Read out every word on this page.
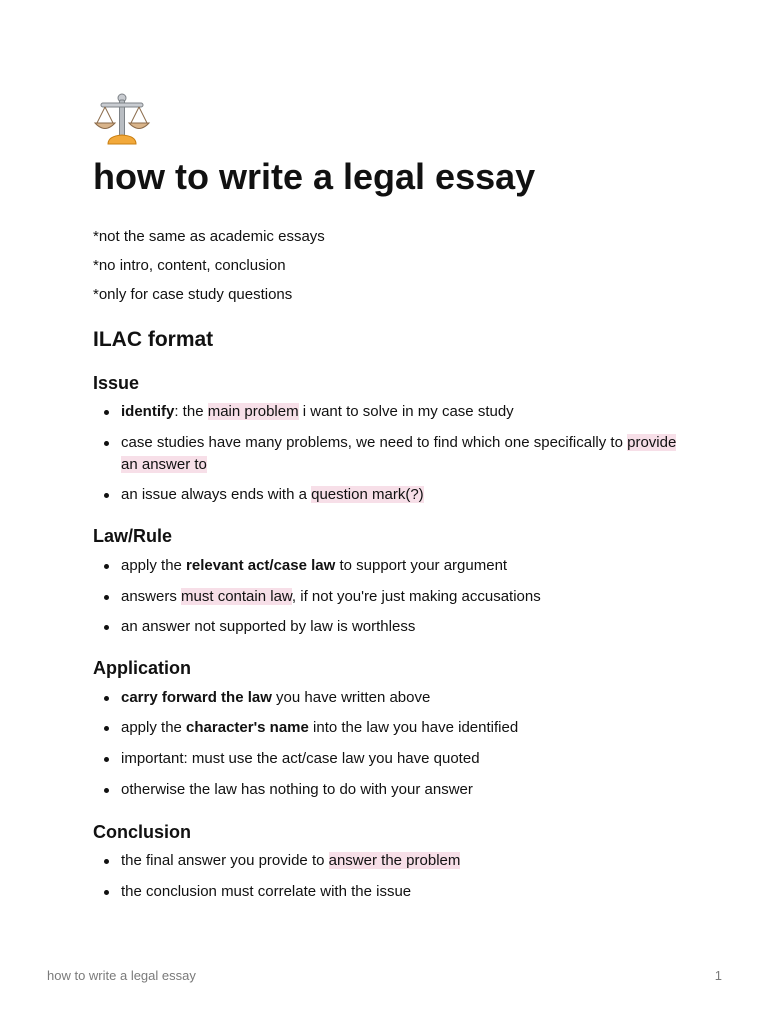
how to write a legal essay

*not the same as academic essays

*no intro, content, conclusion

*only for case study questions

ILAC format
Issue
identify: the main problem i want to solve in my case study
case studies have many problems, we need to find which one specifically to provide an answer to
an issue always ends with a question mark(?)
Law/Rule
apply the relevant act/case law to support your argument
answers must contain law, if not you're just making accusations
an answer not supported by law is worthless
Application
carry forward the law you have written above
apply the character's name into the law you have identified
important: must use the act/case law you have quoted
otherwise the law has nothing to do with your answer
Conclusion
the final answer you provide to answer the problem
the conclusion must correlate with the issue
how to write a legal essay	1
